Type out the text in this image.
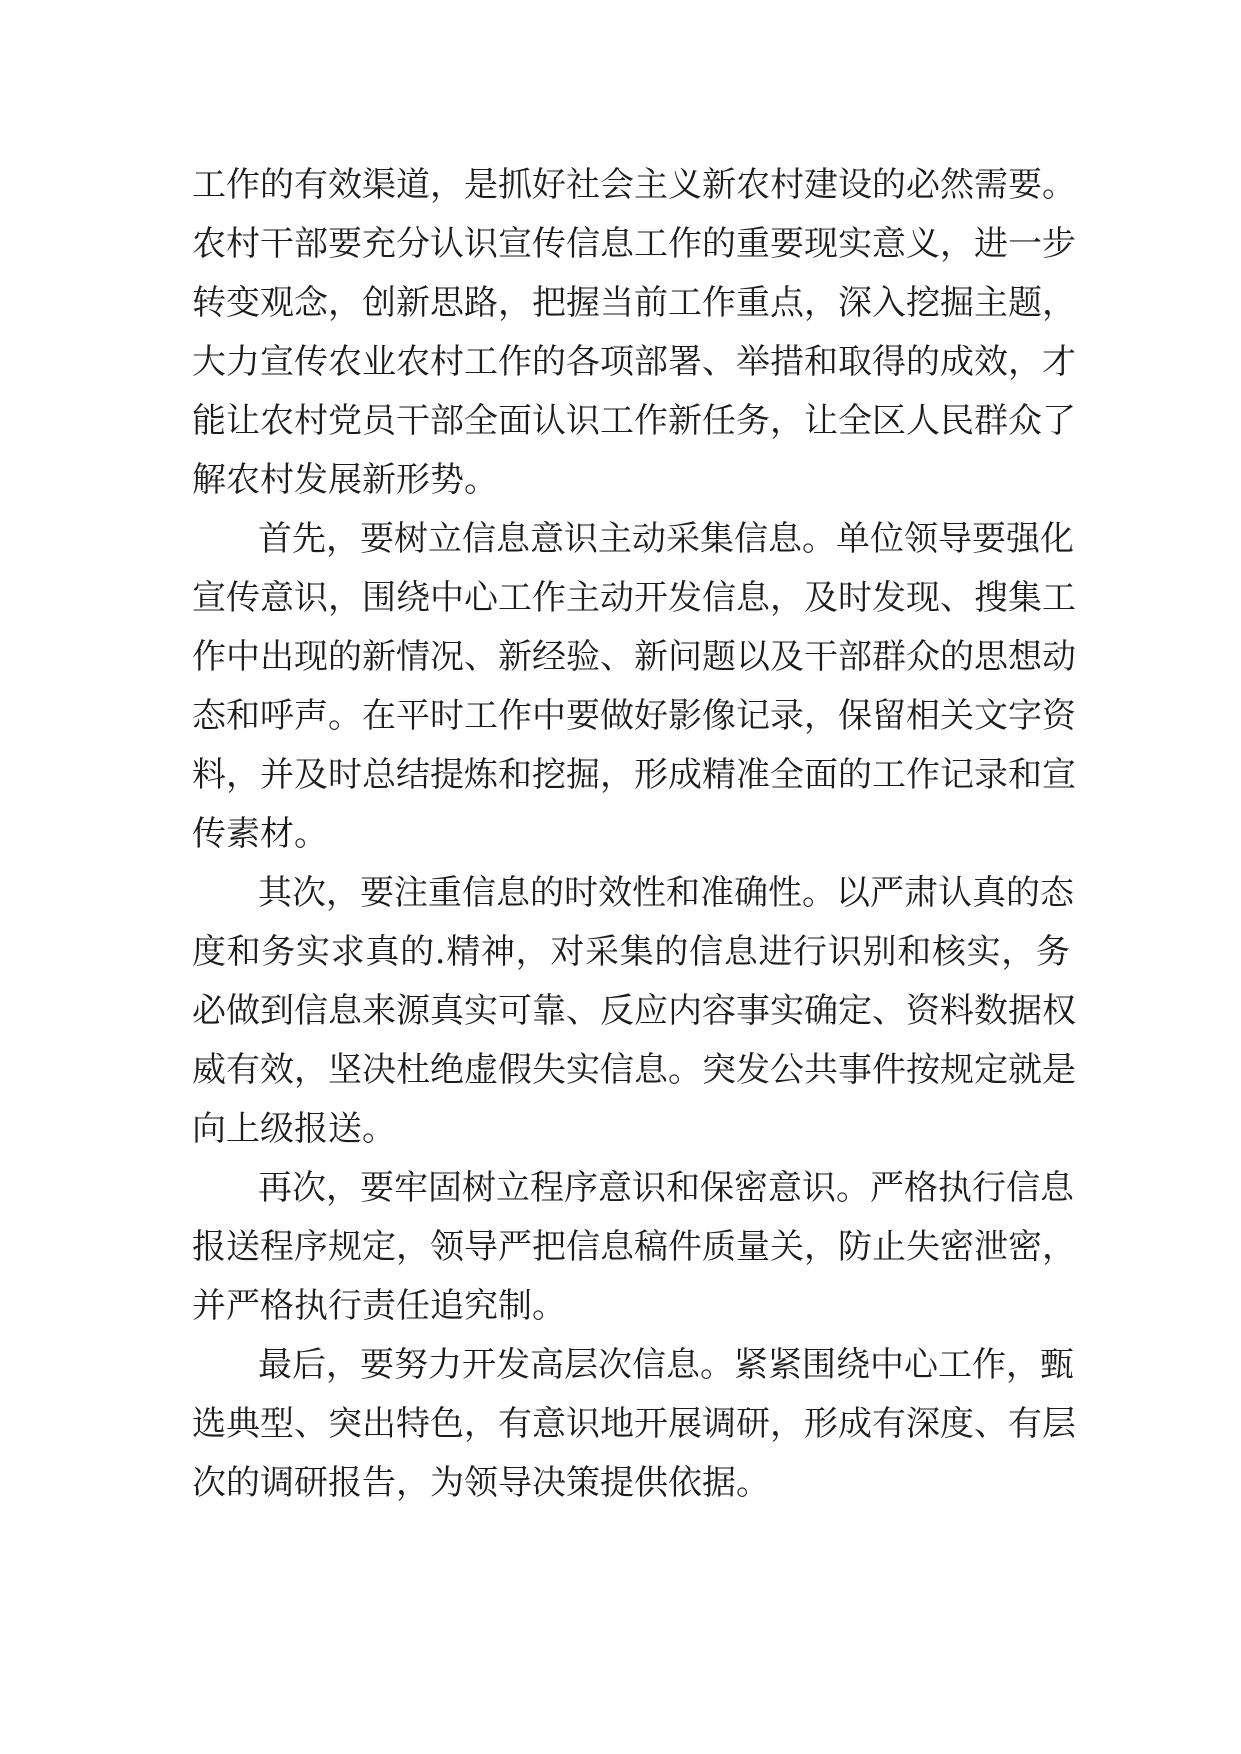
工作的有效渠道，是抓好社会主义新农村建设的必然需要。
农村干部要充分认识宣传信息工作的重要现实意义，进一步
转变观念，创新思路，把握当前工作重点，深入挖掘主题，
大力宣传农业农村工作的各项部署、举措和取得的成效，才
能让农村党员干部全面认识工作新任务，让全区人民群众了
解农村发展新形势。
首先，要树立信息意识主动采集信息。单位领导要强化
宣传意识，围绕中心工作主动开发信息，及时发现、搜集工
作中出现的新情况、新经验、新问题以及干部群众的思想动
态和呼声。在平时工作中要做好影像记录，保留相关文字资
料，并及时总结提炼和挖掘，形成精准全面的工作记录和宣
传素材。
其次，要注重信息的时效性和准确性。以严肃认真的态
度和务实求真的.精神，对采集的信息进行识别和核实，务
必做到信息来源真实可靠、反应内容事实确定、资料数据权
威有效，坚决杜绝虚假失实信息。突发公共事件按规定就是
向上级报送。
再次，要牢固树立程序意识和保密意识。严格执行信息
报送程序规定，领导严把信息稿件质量关，防止失密泄密，
并严格执行责任追究制。
最后，要努力开发高层次信息。紧紧围绕中心工作，甄
选典型、突出特色，有意识地开展调研，形成有深度、有层
次的调研报告，为领导决策提供依据。
